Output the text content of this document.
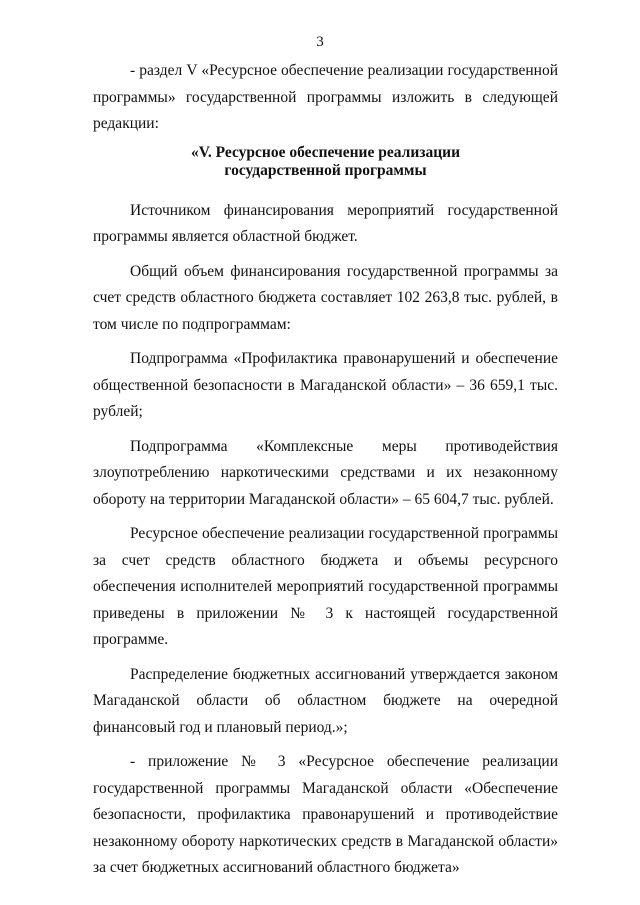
3

- раздел V «Ресурсное обеспечение реализации государственной программы» государственной программы изложить в следующей редакции:

«V. Ресурсное обеспечение реализации
государственной программы

Источником финансирования мероприятий государственной программы является областной бюджет.

Общий объем финансирования государственной программы за счет средств областного бюджета составляет 102 263,8 тыс. рублей, в том числе по подпрограммам:

Подпрограмма «Профилактика правонарушений и обеспечение общественной безопасности в Магаданской области» – 36 659,1 тыс. рублей;

Подпрограмма «Комплексные меры противодействия злоупотреблению наркотическими средствами и их незаконному обороту на территории Магаданской области» – 65 604,7 тыс. рублей.

Ресурсное обеспечение реализации государственной программы за счет средств областного бюджета и объемы ресурсного обеспечения исполнителей мероприятий государственной программы приведены в приложении № 3 к настоящей государственной программе.

Распределение бюджетных ассигнований утверждается законом Магаданской области об областном бюджете на очередной финансовый год и плановый период.»;

- приложение № 3 «Ресурсное обеспечение реализации государственной программы Магаданской области «Обеспечение безопасности, профилактика правонарушений и противодействие незаконному обороту наркотических средств в Магаданской области» за счет бюджетных ассигнований областного бюджета»
